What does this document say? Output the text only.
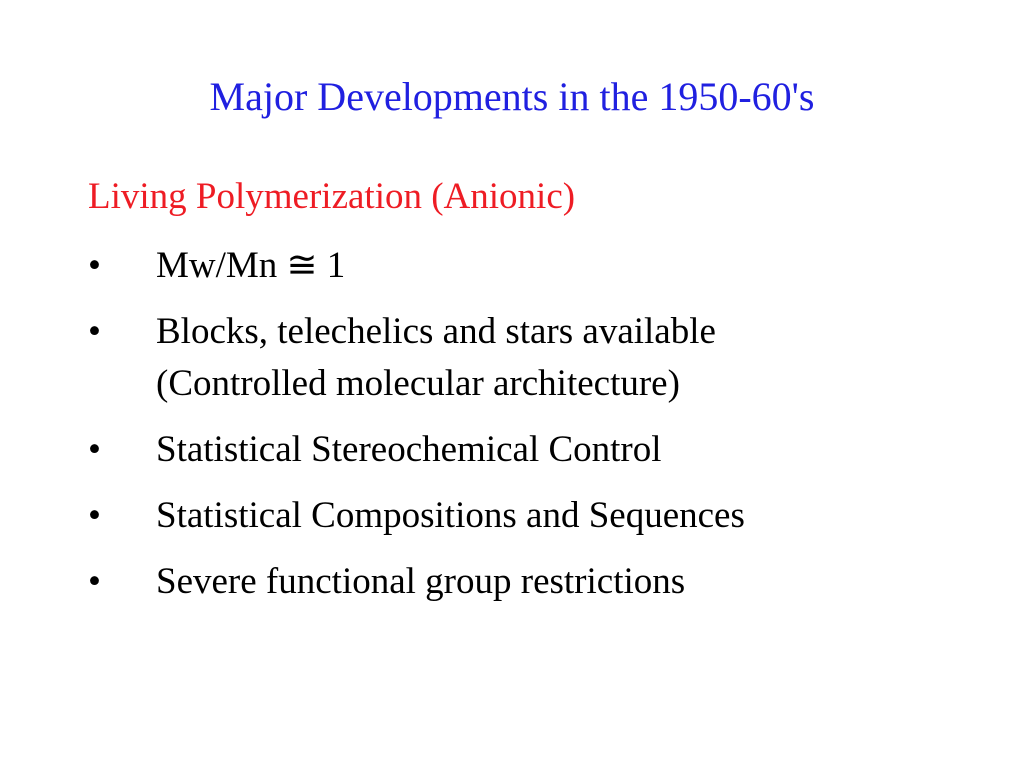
Major Developments in the 1950-60's
Living Polymerization (Anionic)
• Mw/Mn ≅ 1
• Blocks, telechelics and stars available
(Controlled molecular architecture)
• Statistical Stereochemical Control
• Statistical Compositions and Sequences
• Severe functional group restrictions
